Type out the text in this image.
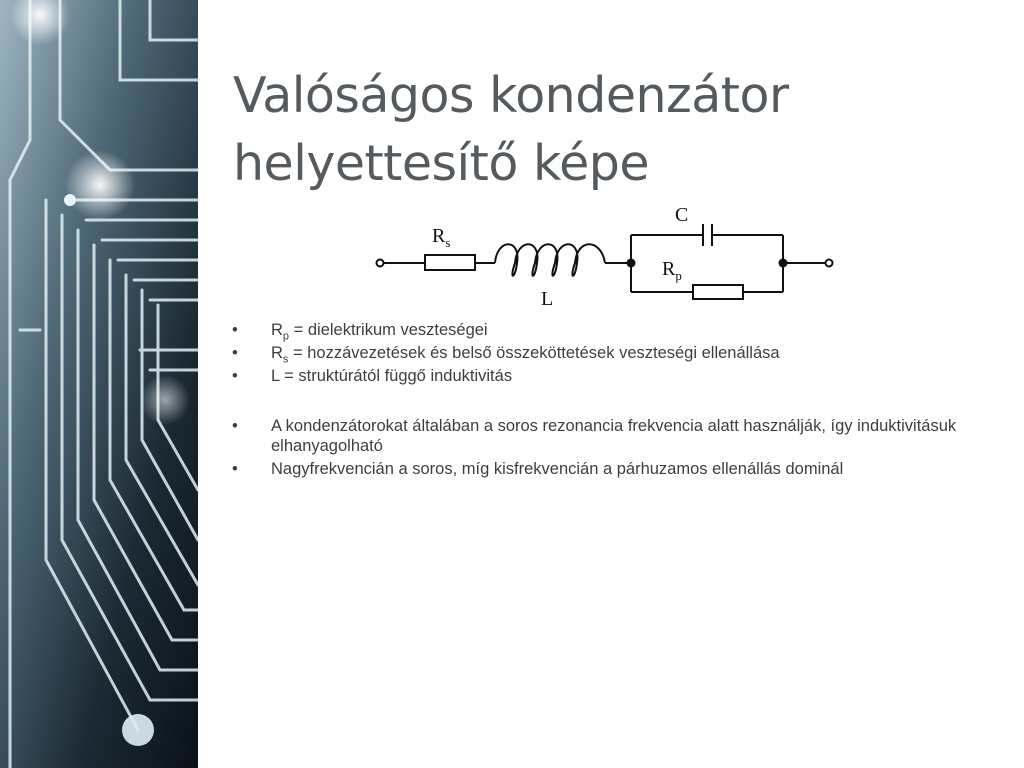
Valóságos kondenzátor
helyettesítő képe
$R_s$
L
C
$R_p$
• $R_p$ = dielektrikum veszteségei
• $R_s$ = hozzávezetések és belső összeköttetések veszteségi ellenállása
• L = struktúrától függő induktivitás
• A kondenzátorokat általában a soros rezonancia frekvencia alatt használják, így induktivitásuk elhanyagolható
• Nagyfrekvencián a soros, míg kisfrekvencián a párhuzamos ellenállás dominál
